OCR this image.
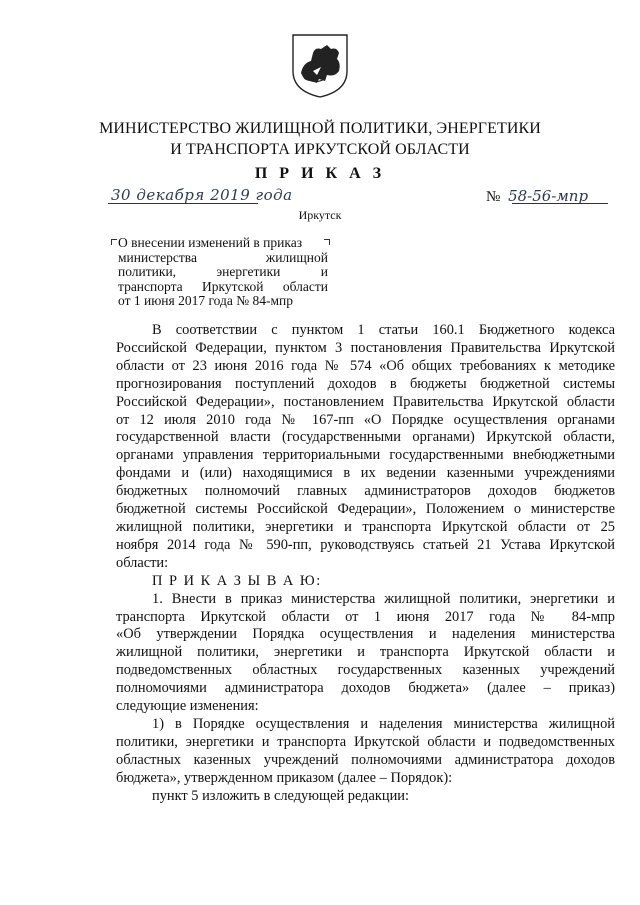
МИНИСТЕРСТВО ЖИЛИЩНОЙ ПОЛИТИКИ, ЭНЕРГЕТИКИ
И ТРАНСПОРТА ИРКУТСКОЙ ОБЛАСТИ
П Р И К А З
30 декабря 2019 года	№ 58-56-мпр
Иркутск
О внесении изменений в приказ
министерства жилищной
политики, энергетики и
транспорта Иркутской области
от 1 июня 2017 года № 84-мпр
В соответствии с пунктом 1 статьи 160.1 Бюджетного кодекса
Российской Федерации, пунктом 3 постановления Правительства Иркутской
области от 23 июня 2016 года № 574 «Об общих требованиях к методике
прогнозирования поступлений доходов в бюджеты бюджетной системы
Российской Федерации», постановлением Правительства Иркутской области
от 12 июля 2010 года № 167-пп «О Порядке осуществления органами
государственной власти (государственными органами) Иркутской области,
органами управления территориальными государственными внебюджетными
фондами и (или) находящимися в их ведении казенными учреждениями
бюджетных полномочий главных администраторов доходов бюджетов
бюджетной системы Российской Федерации», Положением о министерстве
жилищной политики, энергетики и транспорта Иркутской области от 25
ноября 2014 года № 590-пп, руководствуясь статьей 21 Устава Иркутской
области:
П Р И К А З Ы В А Ю:
1. Внести в приказ министерства жилищной политики, энергетики и
транспорта Иркутской области от 1 июня 2017 года № 84-мпр
«Об утверждении Порядка осуществления и наделения министерства
жилищной политики, энергетики и транспорта Иркутской области и
подведомственных областных государственных казенных учреждений
полномочиями администратора доходов бюджета» (далее – приказ)
следующие изменения:
1) в Порядке осуществления и наделения министерства жилищной
политики, энергетики и транспорта Иркутской области и подведомственных
областных казенных учреждений полномочиями администратора доходов
бюджета», утвержденном приказом (далее – Порядок):
пункт 5 изложить в следующей редакции:
